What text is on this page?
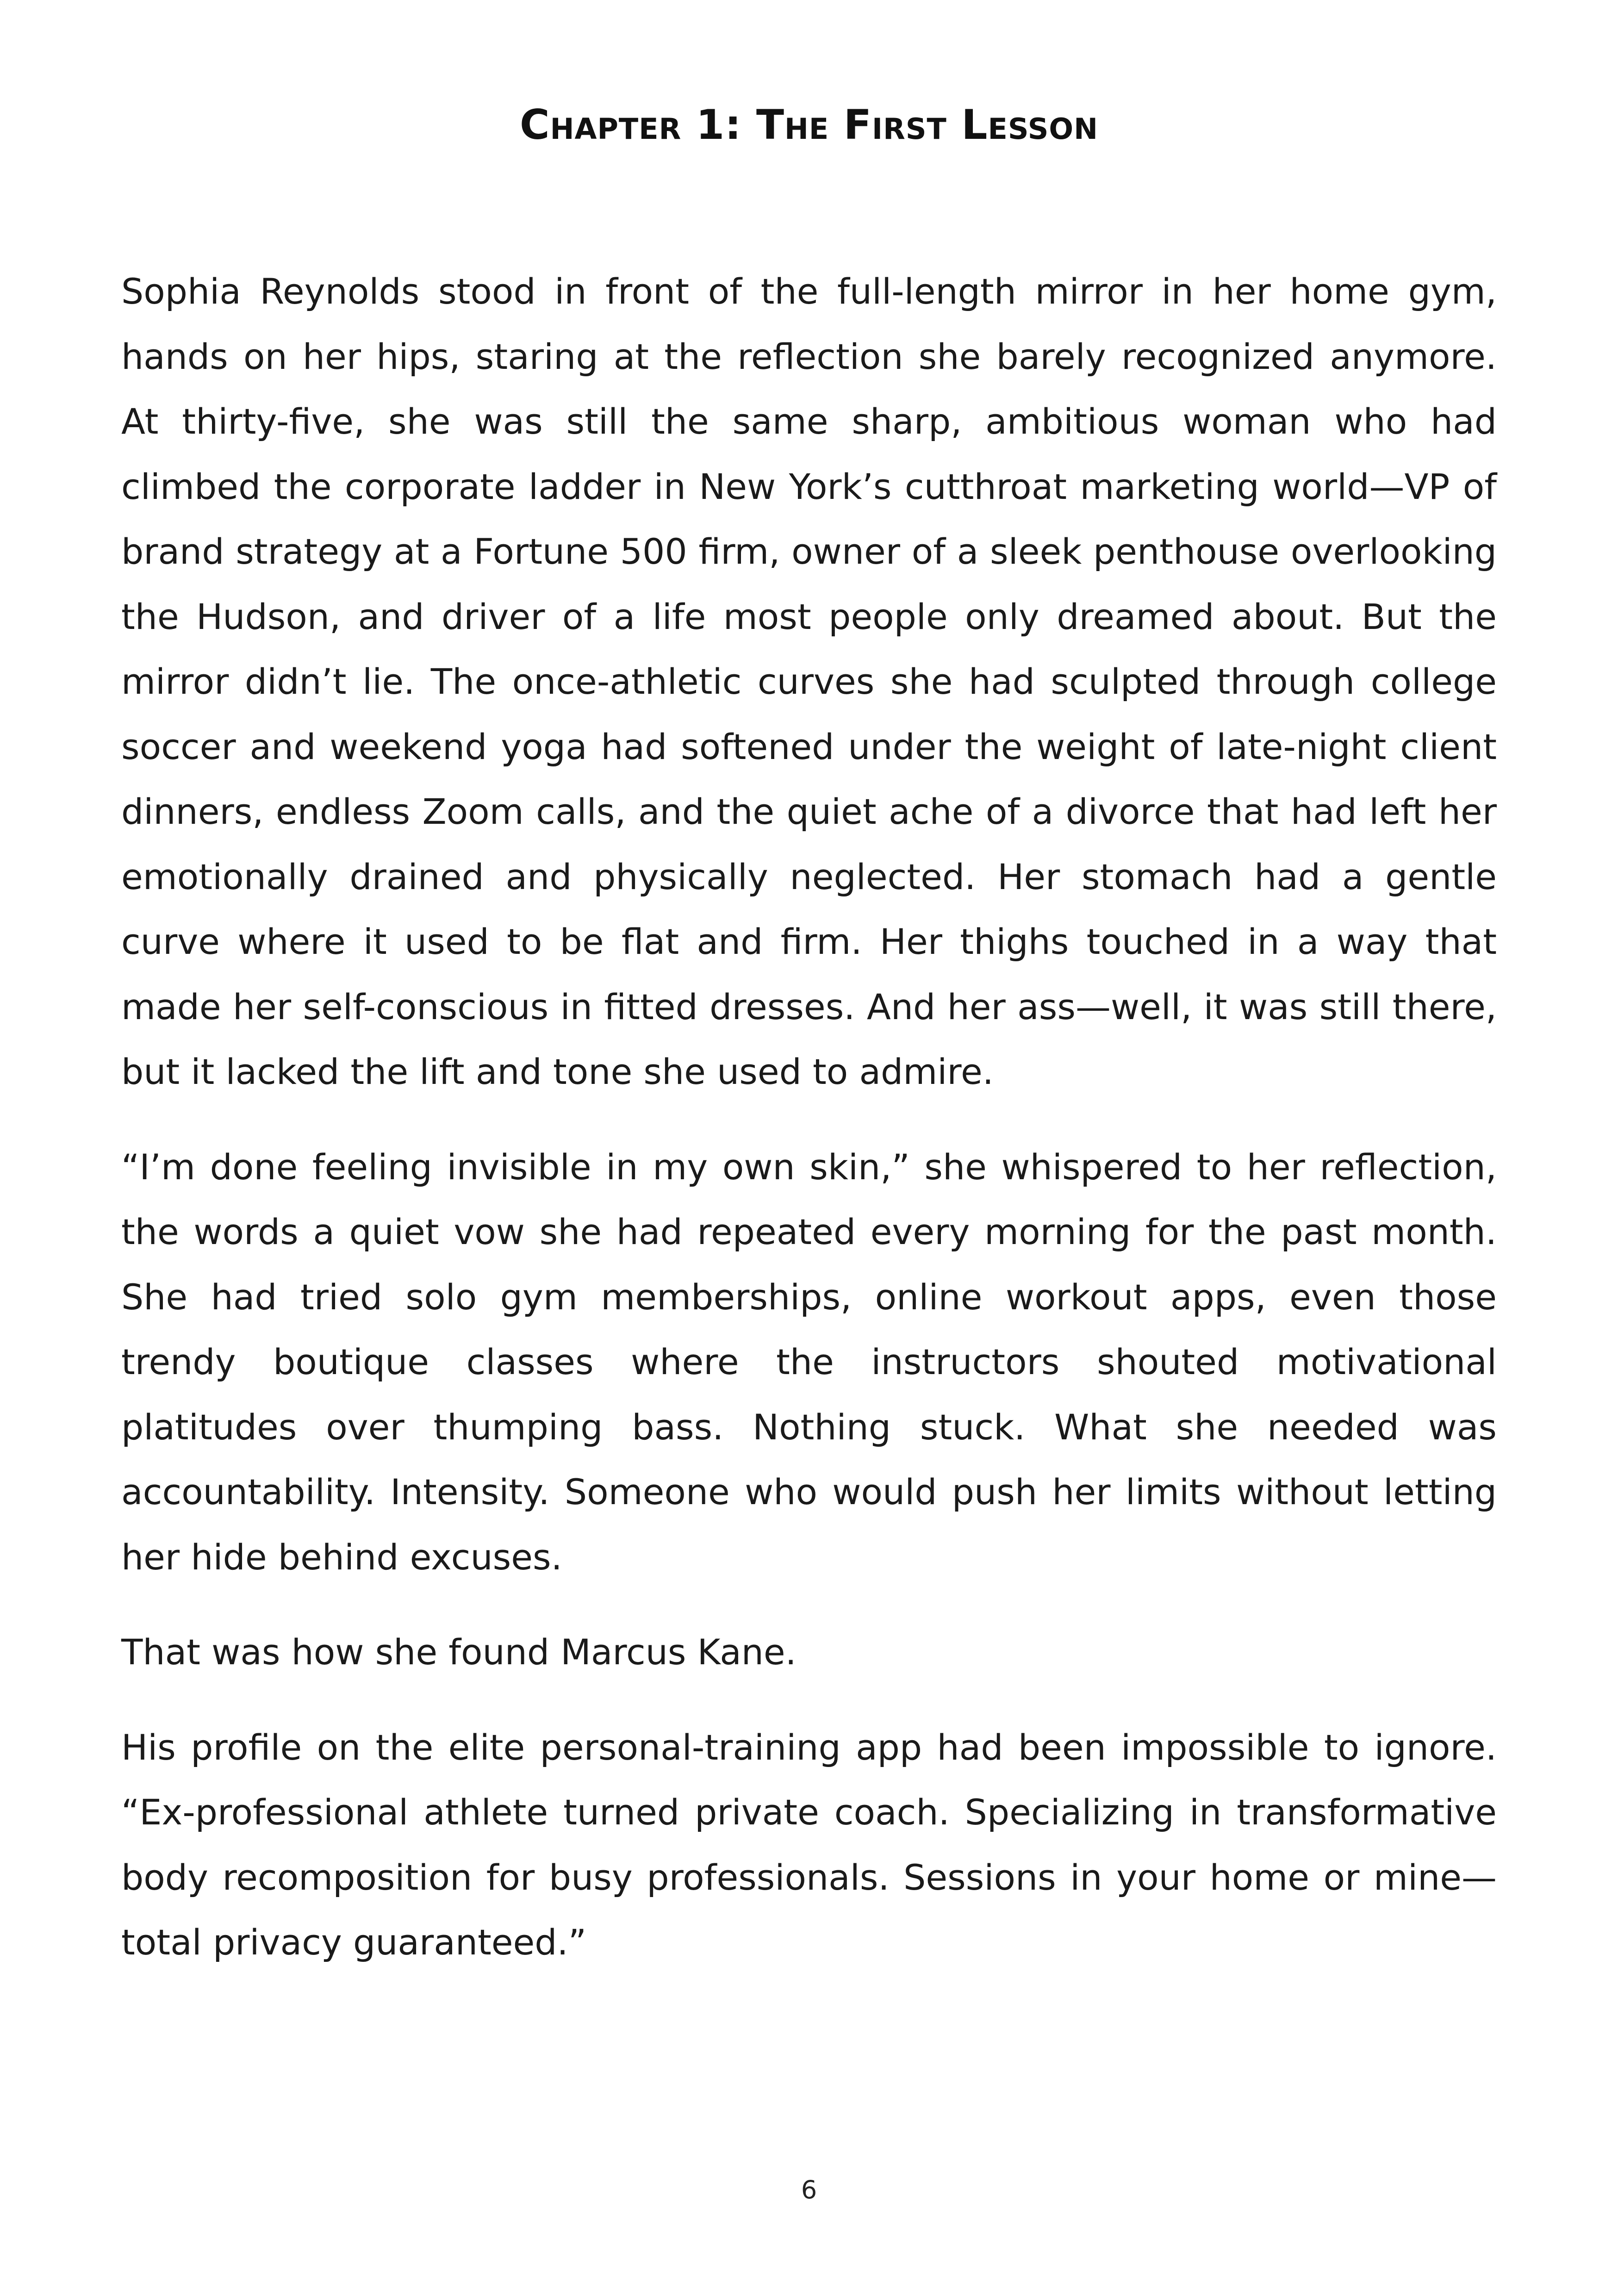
Chapter 1: The First Lesson

Sophia Reynolds stood in front of the full-length mirror in her home gym, hands on her hips, staring at the reflection she barely recognized anymore. At thirty-five, she was still the same sharp, ambitious woman who had climbed the corporate ladder in New York’s cutthroat marketing world—VP of brand strategy at a Fortune 500 firm, owner of a sleek penthouse overlooking the Hudson, and driver of a life most people only dreamed about. But the mirror didn’t lie. The once-athletic curves she had sculpted through college soccer and weekend yoga had softened under the weight of late-night client dinners, endless Zoom calls, and the quiet ache of a divorce that had left her emotionally drained and physically neglected. Her stomach had a gentle curve where it used to be flat and firm. Her thighs touched in a way that made her self-conscious in fitted dresses. And her ass—well, it was still there, but it lacked the lift and tone she used to admire.

“I’m done feeling invisible in my own skin,” she whispered to her reflection, the words a quiet vow she had repeated every morning for the past month. She had tried solo gym memberships, online workout apps, even those trendy boutique classes where the instructors shouted motivational platitudes over thumping bass. Nothing stuck. What she needed was accountability. Intensity. Someone who would push her limits without letting her hide behind excuses.

That was how she found Marcus Kane.

His profile on the elite personal-training app had been impossible to ignore. “Ex-professional athlete turned private coach. Specializing in transformative body recomposition for busy professionals. Sessions in your home or mine—total privacy guaranteed.”

6
